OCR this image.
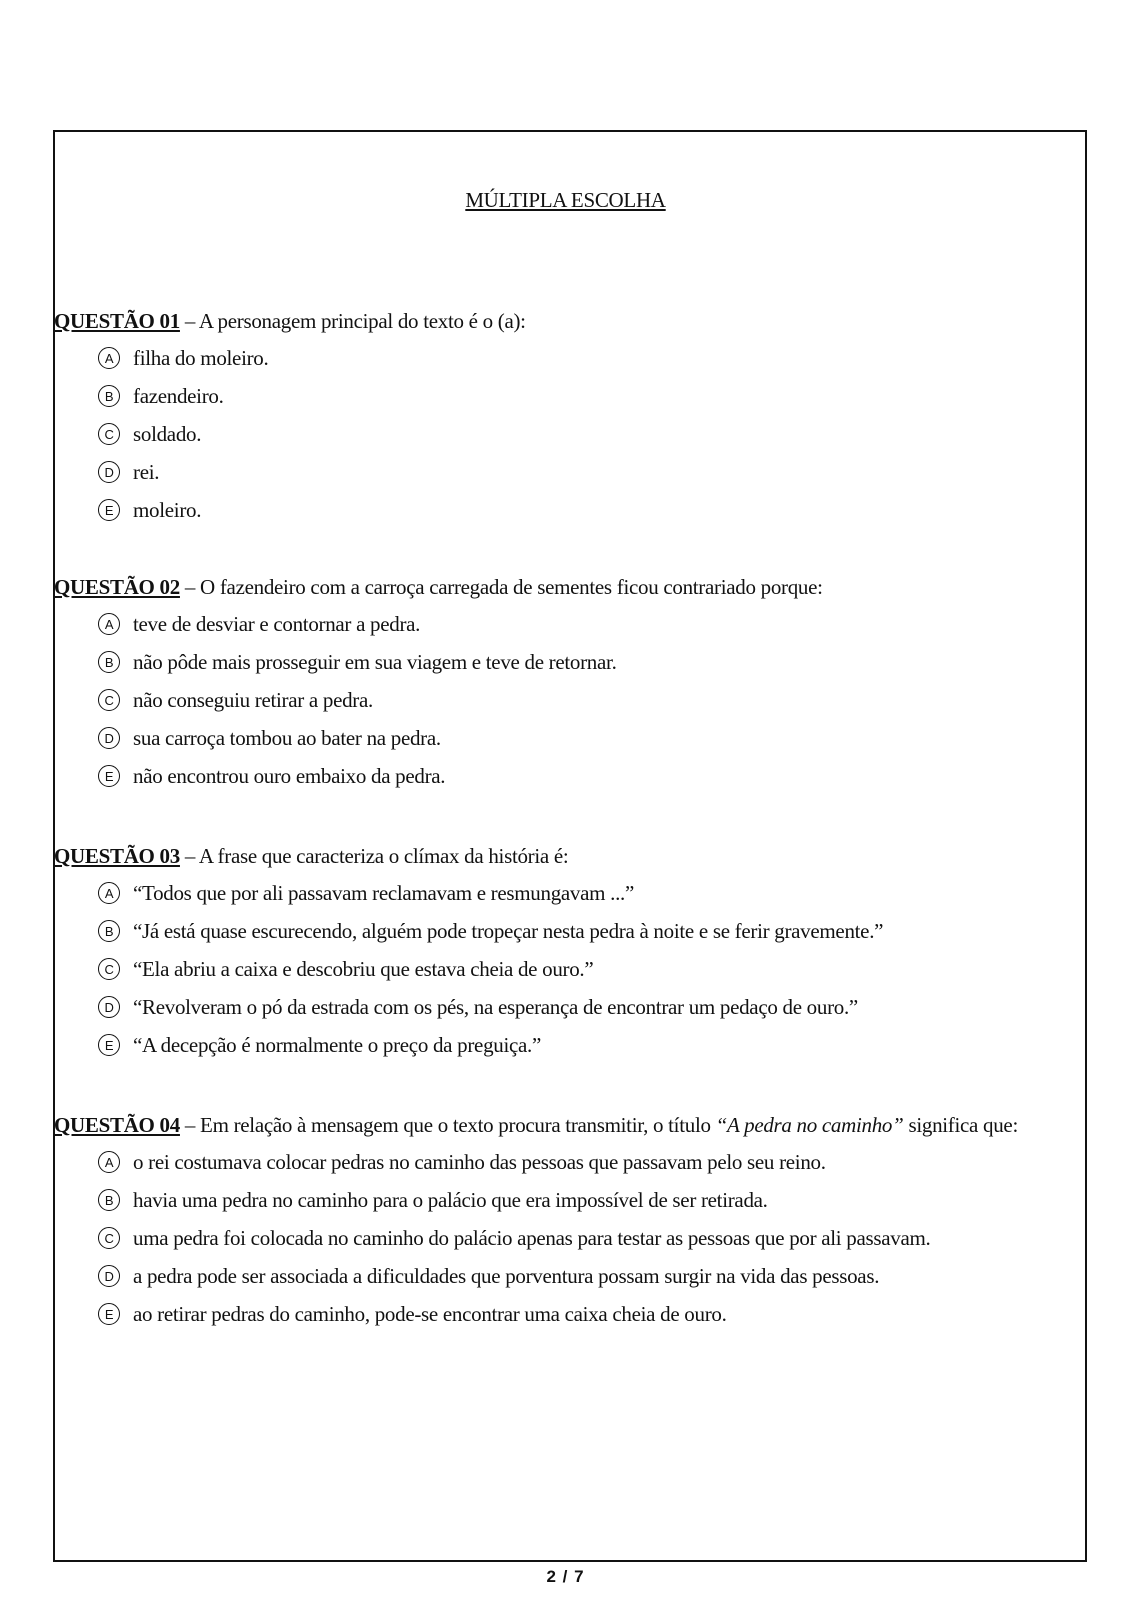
MÚLTIPLA ESCOLHA
QUESTÃO 01 – A personagem principal do texto é o (a):
A filha do moleiro.
B fazendeiro.
C soldado.
D rei.
E moleiro.
QUESTÃO 02 – O fazendeiro com a carroça carregada de sementes ficou contrariado porque:
A teve de desviar e contornar a pedra.
B não pôde mais prosseguir em sua viagem e teve de retornar.
C não conseguiu retirar a pedra.
D sua carroça tombou ao bater na pedra.
E não encontrou ouro embaixo da pedra.
QUESTÃO 03 – A frase que caracteriza o clímax da história é:
A “Todos que por ali passavam reclamavam e resmungavam ...”
B “Já está quase escurecendo, alguém pode tropeçar nesta pedra à noite e se ferir gravemente.”
C “Ela abriu a caixa e descobriu que estava cheia de ouro.”
D “Revolveram o pó da estrada com os pés, na esperança de encontrar um pedaço de ouro.”
E “A decepção é normalmente o preço da preguiça.”
QUESTÃO 04 – Em relação à mensagem que o texto procura transmitir, o título “A pedra no caminho” significa que:
A o rei costumava colocar pedras no caminho das pessoas que passavam pelo seu reino.
B havia uma pedra no caminho para o palácio que era impossível de ser retirada.
C uma pedra foi colocada no caminho do palácio apenas para testar as pessoas que por ali passavam.
D a pedra pode ser associada a dificuldades que porventura possam surgir na vida das pessoas.
E ao retirar pedras do caminho, pode-se encontrar uma caixa cheia de ouro.
2 / 7
